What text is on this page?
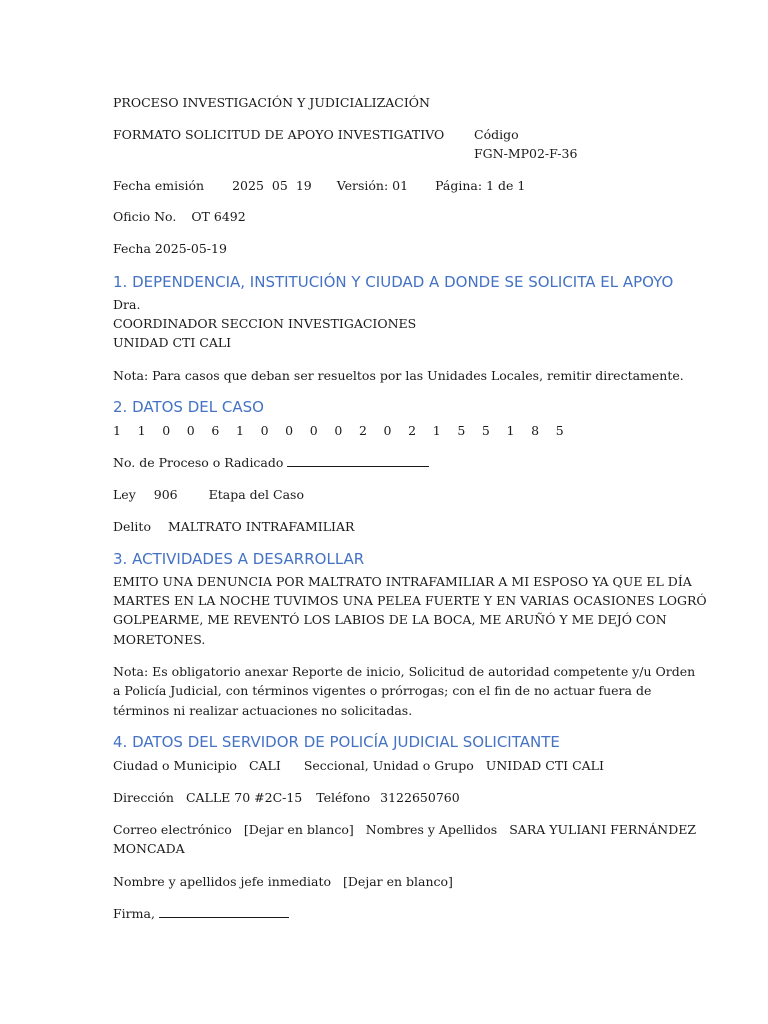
PROCESO INVESTIGACIÓN Y JUDICIALIZACIÓN
FORMATO SOLICITUD DE APOYO INVESTIGATIVO Código
FGN-MP02-F-36
Fecha emisión 2025 05 19 Versión: 01 Página: 1 de 1
Oficio No. OT 6492
Fecha 2025-05-19
1. DEPENDENCIA, INSTITUCIÓN Y CIUDAD A DONDE SE SOLICITA EL APOYO
Dra.
COORDINADOR SECCION INVESTIGACIONES
UNIDAD CTI CALI
Nota: Para casos que deban ser resueltos por las Unidades Locales, remitir directamente.
2. DATOS DEL CASO
1 1 0 0 6 1 0 0 0 0 2 0 2 1 5 5 1 8 5
No. de Proceso o Radicado
Ley 906 Etapa del Caso
Delito MALTRATO INTRAFAMILIAR
3. ACTIVIDADES A DESARROLLAR
EMITO UNA DENUNCIA POR MALTRATO INTRAFAMILIAR A MI ESPOSO YA QUE EL DÍA
MARTES EN LA NOCHE TUVIMOS UNA PELEA FUERTE Y EN VARIAS OCASIONES LOGRÓ
GOLPEARME, ME REVENTÓ LOS LABIOS DE LA BOCA, ME ARUÑÓ Y ME DEJÓ CON
MORETONES.
Nota: Es obligatorio anexar Reporte de inicio, Solicitud de autoridad competente y/u Orden
a Policía Judicial, con términos vigentes o prórrogas; con el fin de no actuar fuera de
términos ni realizar actuaciones no solicitadas.
4. DATOS DEL SERVIDOR DE POLICÍA JUDICIAL SOLICITANTE
Ciudad o Municipio CALI Seccional, Unidad o Grupo UNIDAD CTI CALI
Dirección CALLE 70 #2C-15 Teléfono 3122650760
Correo electrónico [Dejar en blanco] Nombres y Apellidos SARA YULIANI FERNÁNDEZ
MONCADA
Nombre y apellidos jefe inmediato [Dejar en blanco]
Firma,
